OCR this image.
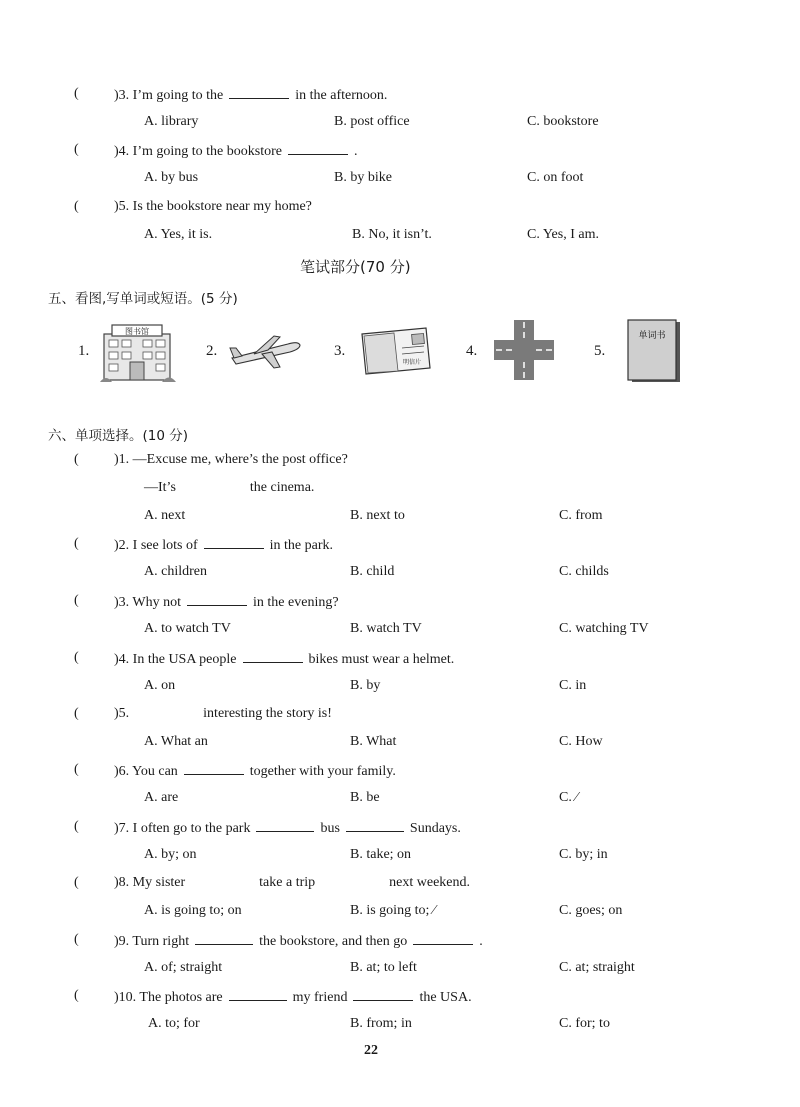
(	)3. I’m going to the	in the afternoon.
A. library	B. post office	C. bookstore
(	)4. I’m going to the bookstore	.
A. by bus	B. by bike	C. on foot
(	)5. Is the bookstore near my home?
A. Yes, it is.	B. No, it isn’t.	C. Yes, I am.
笔试部分(70 分)
五、看图,写单词或短语。(5 分)
1.
图书馆
2.	3.
明信片
4.	5.
单词书
六、单项选择。(10 分)
(	)1. —Excuse me, where’s the post office?
—It’s	the cinema.
A. next	B. next to	C. from
(	)2. I see lots of	in the park.
A. children	B. child	C. childs
(	)3. Why not	in the evening?
A. to watch TV	B. watch TV	C. watching TV
(	)4. In the USA people	bikes must wear a helmet.
A. on	B. by	C. in
(	)5.	interesting the story is!
A. What an	B. What	C. How
(	)6. You can	together with your family.
A. are	B. be	C. ⁄
(	)7. I often go to the park	bus	Sundays.
A. by; on	B. take; on	C. by; in
(	)8. My sister	take a trip	next weekend.
A. is going to; on	B. is going to; ⁄	C. goes; on
(	)9. Turn right	the bookstore, and then go	.
A. of; straight	B. at; to left	C. at; straight
(	)10. The photos are	my friend	the USA.
A. to; for	B. from; in	C. for; to
22
